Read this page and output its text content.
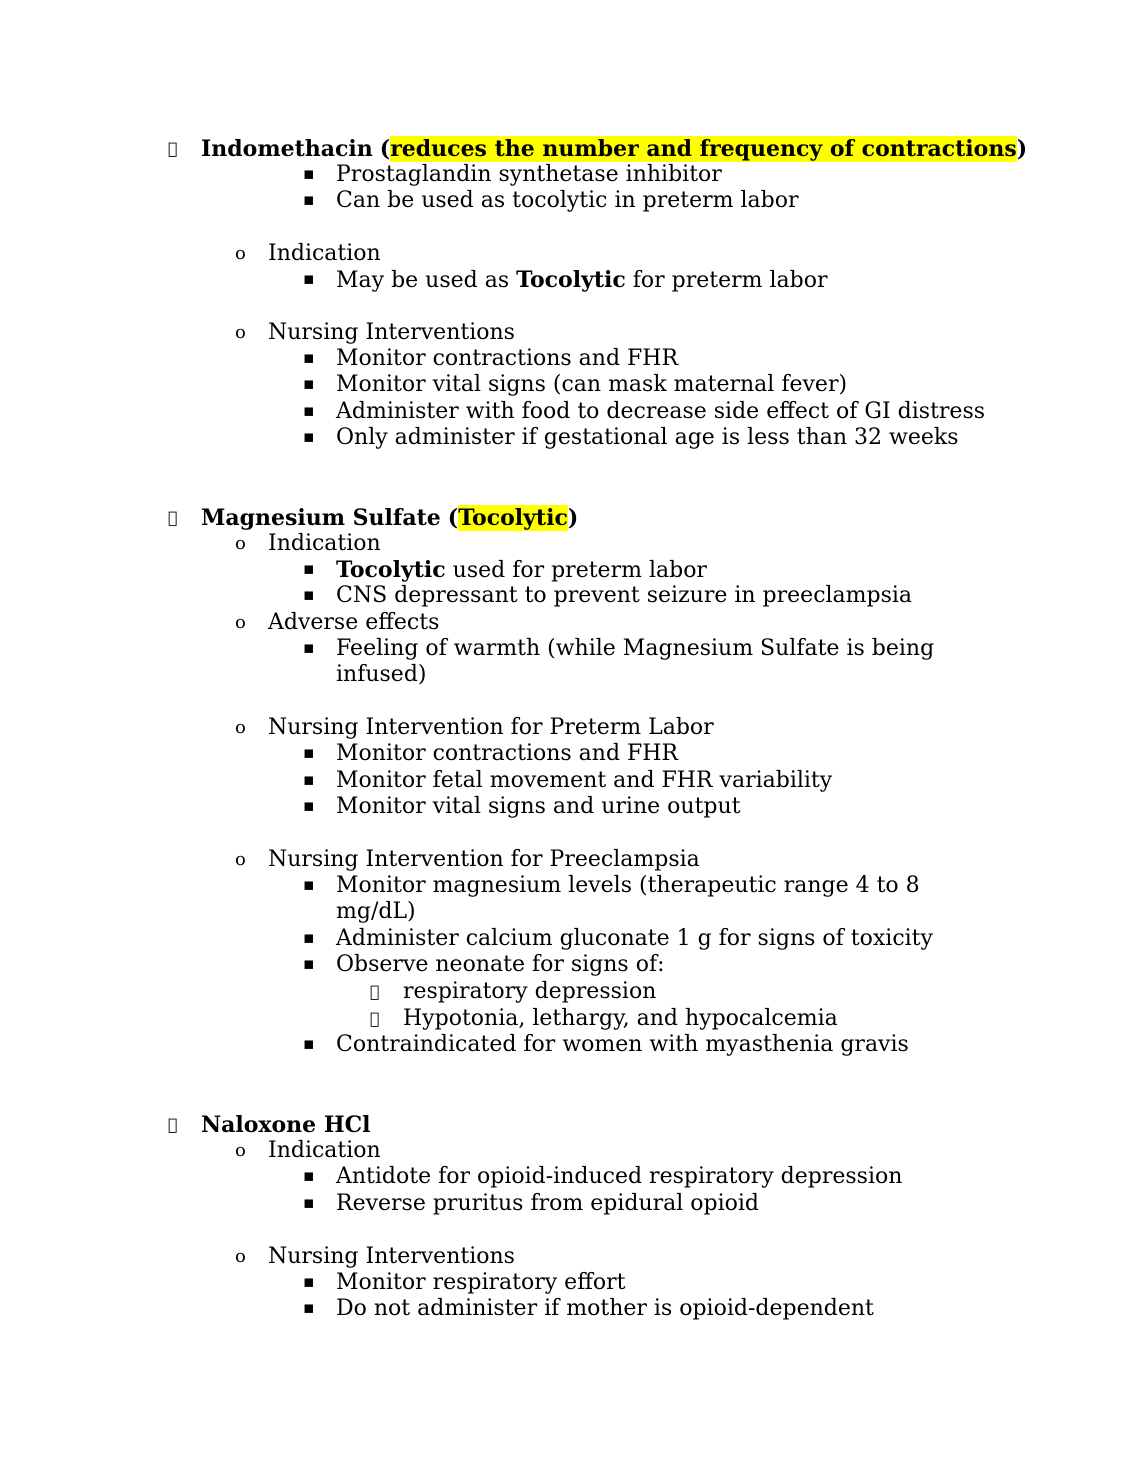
Indomethacin (reduces the number and frequency of contractions)
▪ Prostaglandin synthetase inhibitor
▪ Can be used as tocolytic in preterm labor
o Indication
▪ May be used as Tocolytic for preterm labor
o Nursing Interventions
▪ Monitor contractions and FHR
▪ Monitor vital signs (can mask maternal fever)
▪ Administer with food to decrease side effect of GI distress
▪ Only administer if gestational age is less than 32 weeks
Magnesium Sulfate (Tocolytic)
o Indication
▪ Tocolytic used for preterm labor
▪ CNS depressant to prevent seizure in preeclampsia
o Adverse effects
▪ Feeling of warmth (while Magnesium Sulfate is being
infused)
o Nursing Intervention for Preterm Labor
▪ Monitor contractions and FHR
▪ Monitor fetal movement and FHR variability
▪ Monitor vital signs and urine output
o Nursing Intervention for Preeclampsia
▪ Monitor magnesium levels (therapeutic range 4 to 8
mg/dL)
▪ Administer calcium gluconate 1 g for signs of toxicity
▪ Observe neonate for signs of:
respiratory depression
Hypotonia, lethargy, and hypocalcemia
▪ Contraindicated for women with myasthenia gravis
Naloxone HCl
o Indication
▪ Antidote for opioid-induced respiratory depression
▪ Reverse pruritus from epidural opioid
o Nursing Interventions
▪ Monitor respiratory effort
▪ Do not administer if mother is opioid-dependent
